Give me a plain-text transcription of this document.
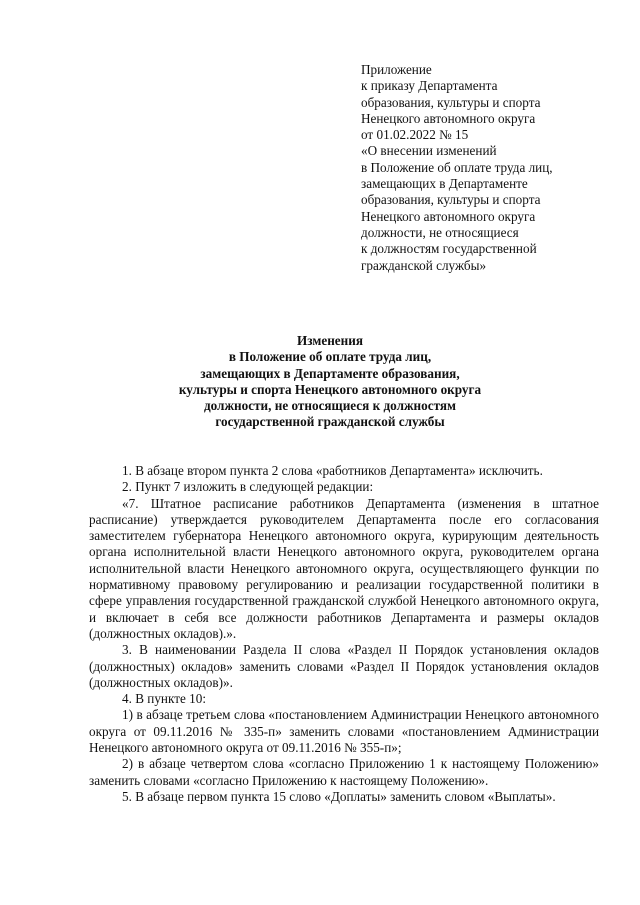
Приложение
к приказу Департамента
образования, культуры и спорта
Ненецкого автономного округа
от 01.02.2022 № 15
«О внесении изменений
в Положение об оплате труда лиц,
замещающих в Департаменте
образования, культуры и спорта
Ненецкого автономного округа
должности, не относящиеся
к должностям государственной
гражданской службы»
Изменения
в Положение об оплате труда лиц,
замещающих в Департаменте образования,
культуры и спорта Ненецкого автономного округа
должности, не относящиеся к должностям
государственной гражданской службы

1. В абзаце втором пункта 2 слова «работников Департамента» исключить.

2. Пункт 7 изложить в следующей редакции:

«7. Штатное расписание работников Департамента (изменения в штатное расписание) утверждается руководителем Департамента после его согласования заместителем губернатора Ненецкого автономного округа, курирующим деятельность органа исполнительной власти Ненецкого автономного округа, руководителем органа исполнительной власти Ненецкого автономного округа, осуществляющего функции по нормативному правовому регулированию и реализации государственной политики в сфере управления государственной гражданской службой Ненецкого автономного округа, и включает в себя все должности работников Департамента и размеры окладов (должностных окладов).».

3. В наименовании Раздела II слова «Раздел II Порядок установления окладов (должностных) окладов» заменить словами «Раздел II Порядок установления окладов (должностных окладов)».

4. В пункте 10:

1) в абзаце третьем слова «постановлением Администрации Ненецкого автономного округа от 09.11.2016 № 335-п» заменить словами «постановлением Администрации Ненецкого автономного округа от 09.11.2016 № 355-п»;

2) в абзаце четвертом слова «согласно Приложению 1 к настоящему Положению» заменить словами «согласно Приложению к настоящему Положению».

5. В абзаце первом пункта 15 слово «Доплаты» заменить словом «Выплаты».
